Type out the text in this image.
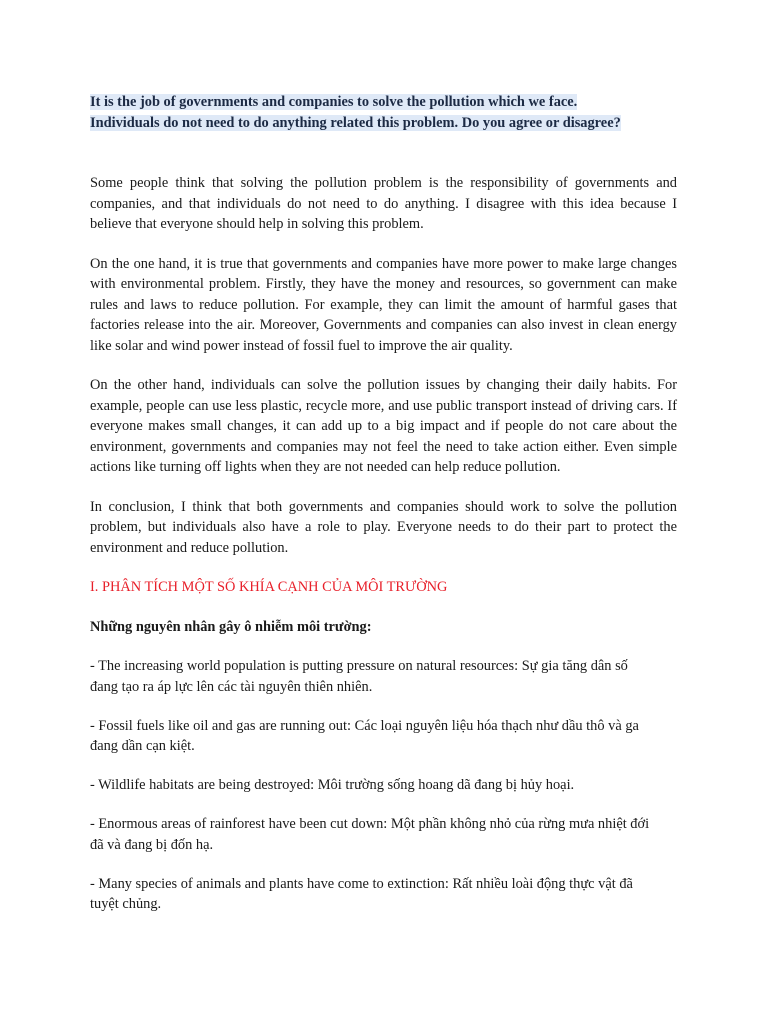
It is the job of governments and companies to solve the pollution which we face.
Individuals do not need to do anything related this problem. Do you agree or disagree?

Some people think that solving the pollution problem is the responsibility of governments and companies, and that individuals do not need to do anything. I disagree with this idea because I believe that everyone should help in solving this problem.

On the one hand, it is true that governments and companies have more power to make large changes with environmental problem. Firstly, they have the money and resources, so government can make rules and laws to reduce pollution. For example, they can limit the amount of harmful gases that factories release into the air. Moreover, Governments and companies can also invest in clean energy like solar and wind power instead of fossil fuel to improve the air quality.

On the other hand, individuals can solve the pollution issues by changing their daily habits. For example, people can use less plastic, recycle more, and use public transport instead of driving cars. If everyone makes small changes, it can add up to a big impact and if people do not care about the environment, governments and companies may not feel the need to take action either. Even simple actions like turning off lights when they are not needed can help reduce pollution.

In conclusion, I think that both governments and companies should work to solve the pollution problem, but individuals also have a role to play. Everyone needs to do their part to protect the environment and reduce pollution.

I. PHÂN TÍCH MỘT SỐ KHÍA CẠNH CỦA MÔI TRƯỜNG

Những nguyên nhân gây ô nhiễm môi trường:

- The increasing world population is putting pressure on natural resources: Sự gia tăng dân số đang tạo ra áp lực lên các tài nguyên thiên nhiên.
- Fossil fuels like oil and gas are running out: Các loại nguyên liệu hóa thạch như dầu thô và ga đang dần cạn kiệt.
- Wildlife habitats are being destroyed: Môi trường sống hoang dã đang bị hủy hoại.
- Enormous areas of rainforest have been cut down: Một phần không nhỏ của rừng mưa nhiệt đới đã và đang bị đốn hạ.
- Many species of animals and plants have come to extinction: Rất nhiều loài động thực vật đã tuyệt chủng.
